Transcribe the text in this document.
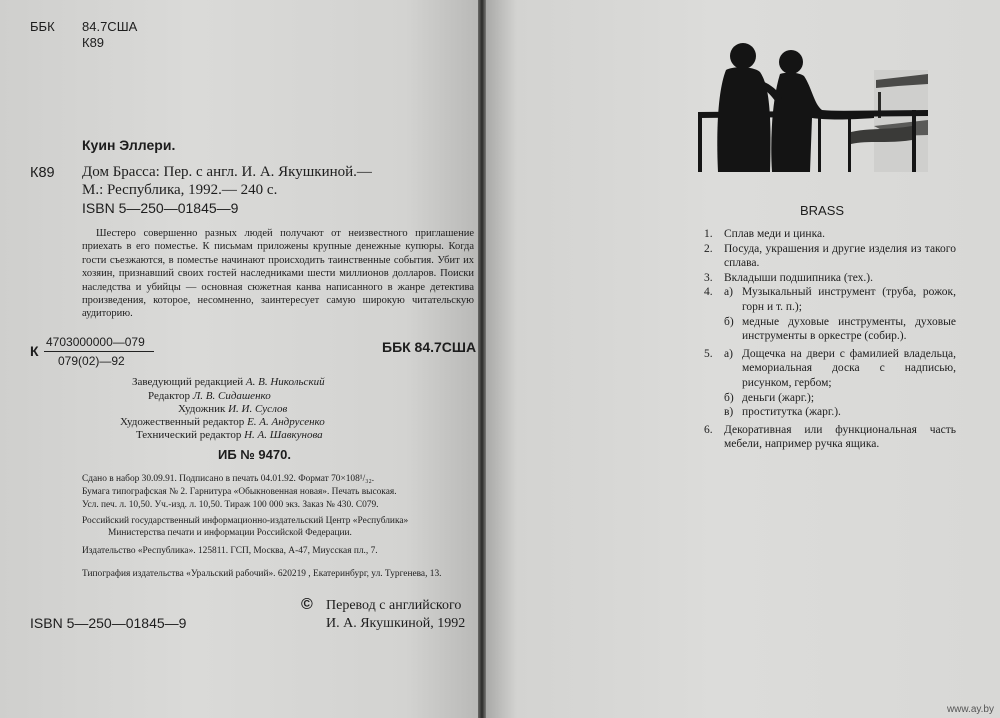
ББК 84.7США
К89
Куин Эллери.
К89 Дом Брасса: Пер. с англ. И. А. Якушкиной.—
М.: Республика, 1992.— 240 с.
ISBN 5—250—01845—9

Шестеро совершенно разных людей получают от неизвестного приглашение приехать в его поместье. К письмам приложены крупные денежные купюры. Когда гости съезжаются, в поместье начинают происходить таинственные события. Убит их хозяин, признавший своих гостей наследниками шести миллионов долларов. Поиски наследства и убийцы — основная сюжетная канва написанного в жанре детектива произведения, которое, несомненно, заинтересует самую широкую читательскую аудиторию.

К
4703000000—079
079(02)—92
ББК 84.7США
Заведующий редакцией А. В. Никольский
Редактор Л. В. Сидашенко
Художник И. И. Суслов
Художественный редактор Е. А. Андрусенко
Технический редактор Н. А. Шавкунова
ИБ № 9470.
Сдано в набор 30.09.91. Подписано в печать 04.01.92. Формат 70×108¹/₃₂.
Бумага типографская № 2. Гарнитура «Обыкновенная новая». Печать высокая.
Усл. печ. л. 10,50. Уч.-изд. л. 10,50. Тираж 100 000 экз. Заказ № 430. С079.
Российский государственный информационно-издательский Центр «Республика»
Министерства печати и информации Российской Федерации.
Издательство «Республика». 125811. ГСП, Москва, А-47, Миусская пл., 7.
Типография издательства «Уральский рабочий». 620219 , Екатеринбург, ул. Тургенева, 13.
ISBN 5—250—01845—9
© Перевод с английского
И. А. Якушкиной, 1992
BRASS
1. Сплав меди и цинка.
2. Посуда, украшения и другие изделия из такого сплава.
3. Вкладыши подшипника (тех.).
4. а) Музыкальный инструмент (труба, рожок, горн и т. п.);
б) медные духовые инструменты, духовые инструменты в оркестре (собир.).
5. а) Дощечка на двери с фамилией владельца, мемориальная доска с надписью, рисунком, гербом;
б) деньги (жарг.);
в) проститутка (жарг.).
6. Декоративная или функциональная часть мебели, например ручка ящика.
www.ay.by
